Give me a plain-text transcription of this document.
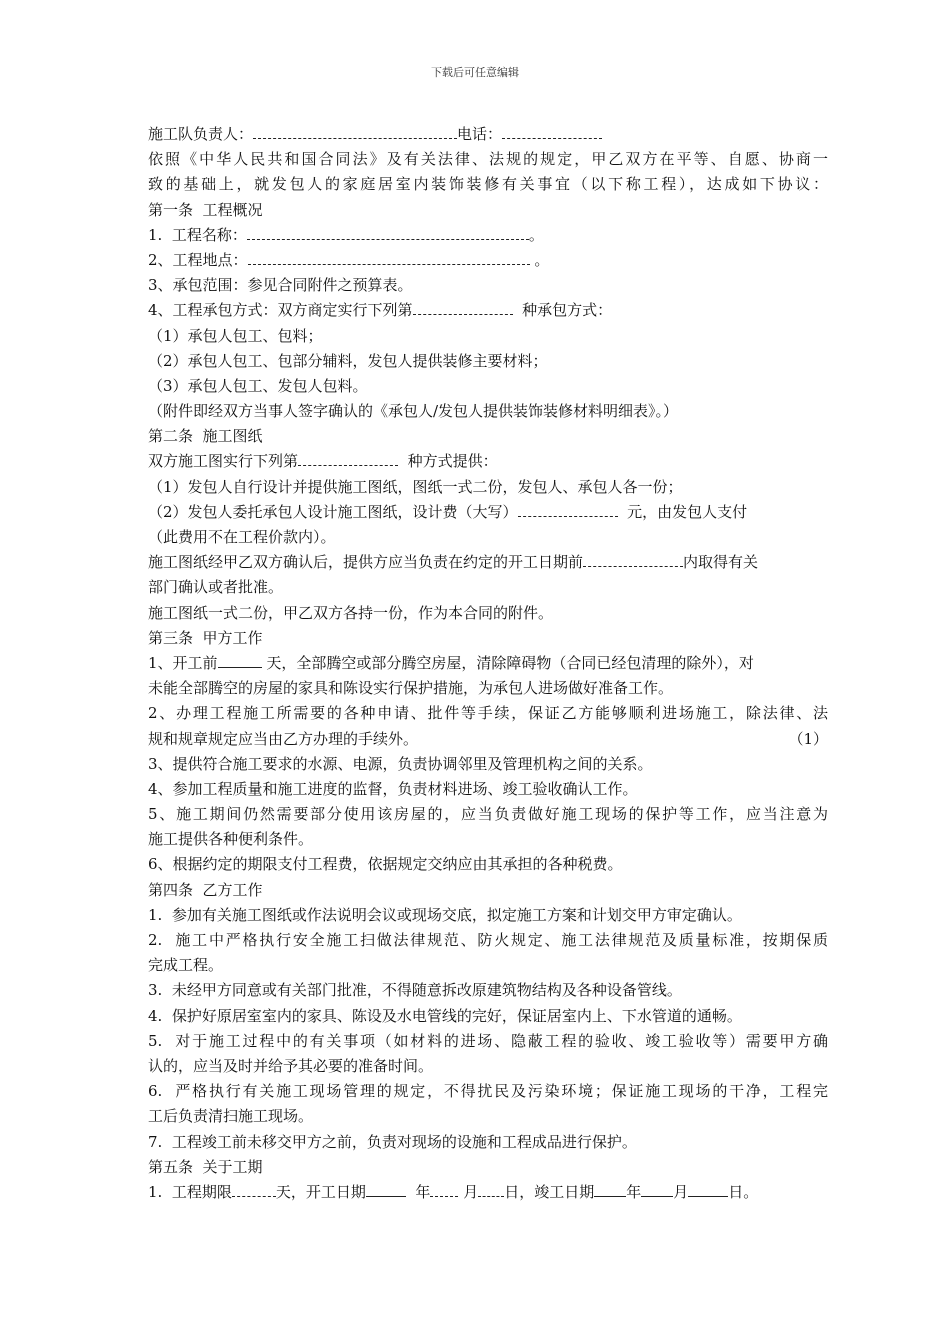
下载后可任意编辑
施工队负责人：	电话：
依照《中华人民共和国合同法》及有关法律、法规的规定，甲乙双方在平等、自愿、协商一
致的基础上，就发包人的家庭居室内装饰装修有关事宜（以下称工程），达成如下协议：
第一条  工程概况
1.  工程名称：	。
2、工程地点：	。
3、承包范围：参见合同附件之预算表。
4、工程承包方式：双方商定实行下列第	种承包方式：
（1）承包人包工、包料；
（2）承包人包工、包部分辅料，发包人提供装修主要材料；
（3）承包人包工、发包人包料。
（附件即经双方当事人签字确认的《承包人/发包人提供装饰装修材料明细表》。）
第二条  施工图纸
双方施工图实行下列第	种方式提供：
（1）发包人自行设计并提供施工图纸，图纸一式二份，发包人、承包人各一份；
（2）发包人委托承包人设计施工图纸，设计费（大写）	元，由发包人支付
（此费用不在工程价款内）。
施工图纸经甲乙双方确认后，提供方应当负责在约定的开工日期前	内取得有关
部门确认或者批准。
施工图纸一式二份，甲乙双方各持一份，作为本合同的附件。
第三条  甲方工作
1、开工前	天，全部腾空或部分腾空房屋，清除障碍物（合同已经包清理的除外），对
未能全部腾空的房屋的家具和陈设实行保护措施，为承包人进场做好准备工作。
2、办理工程施工所需要的各种申请、批件等手续，保证乙方能够顺利进场施工，除法律、法
规和规章规定应当由乙方办理的手续外。	（1）
3、提供符合施工要求的水源、电源，负责协调邻里及管理机构之间的关系。
4、参加工程质量和施工进度的监督，负责材料进场、竣工验收确认工作。
5、施工期间仍然需要部分使用该房屋的，应当负责做好施工现场的保护等工作，应当注意为
施工提供各种便利条件。
6、根据约定的期限支付工程费，依据规定交纳应由其承担的各种税费。
第四条  乙方工作
1.  参加有关施工图纸或作法说明会议或现场交底，拟定施工方案和计划交甲方审定确认。
2.  施工中严格执行安全施工扫做法律规范、防火规定、施工法律规范及质量标准，按期保质
完成工程。
3.  未经甲方同意或有关部门批准，不得随意拆改原建筑物结构及各种设备管线。
4.  保护好原居室室内的家具、陈设及水电管线的完好，保证居室内上、下水管道的通畅。
5.  对于施工过程中的有关事项（如材料的进场、隐蔽工程的验收、竣工验收等）需要甲方确
认的，应当及时并给予其必要的准备时间。
6.  严格执行有关施工现场管理的规定，不得扰民及污染环境；保证施工现场的干净，工程完
工后负责清扫施工现场。
7.  工程竣工前未移交甲方之前，负责对现场的设施和工程成品进行保护。
第五条  关于工期
1.  工程期限	天，开工日期	年 月 日，竣工日期 年 月	日。
